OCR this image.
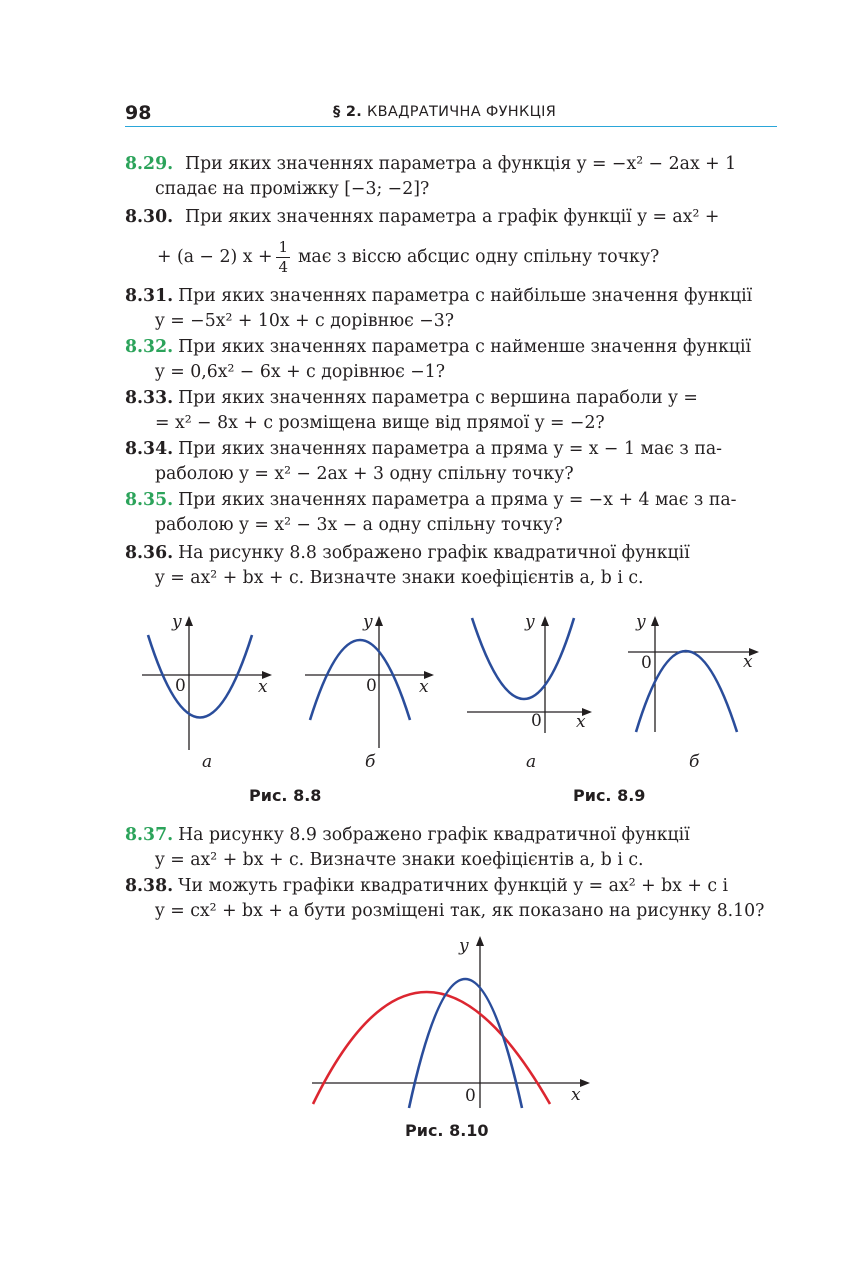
98	§ 2. КВАДРАТИЧНА ФУНКЦІЯ
8.29. При яких значеннях параметра a функція y = −x² − 2ax + 1
спадає на проміжку [−3; −2]?
8.30. При яких значеннях параметра a графік функції y = ax² +
+ (a − 2) $x + \frac{1}{4}$ має з віссю абсцис одну спільну точку?
8.31. При яких значеннях параметра c найбільше значення функції
y = −5x² + 10x + c дорівнює −3?
8.32. При яких значеннях параметра c найменше значення функції
y = 0,6x² − 6x + c дорівнює −1?
8.33. При яких значеннях параметра c вершина параболи y =
= x² − 8x + c розміщена вище від прямої y = −2?
8.34. При яких значеннях параметра a пряма y = x − 1 має з па-
раболою y = x² − 2ax + 3 одну спільну точку?
8.35. При яких значеннях параметра a пряма y = −x + 4 має з па-
раболою y = x² − 3x − a одну спільну точку?
8.36. На рисунку 8.8 зображено графік квадратичної функції
y = ax² + bx + c. Визначте знаки коефіцієнтів a, b і c.
y
x
0
y
x
0
y
x
0
y
x
0
а	б	а	б
Рис. 8.8	Рис. 8.9
8.37. На рисунку 8.9 зображено графік квадратичної функції
y = ax² + bx + c. Визначте знаки коефіцієнтів a, b і c.
8.38. Чи можуть графіки квадратичних функцій y = ax² + bx + c і
y = cx² + bx + a бути розміщені так, як показано на рисунку 8.10?
y
x
0
Рис. 8.10
